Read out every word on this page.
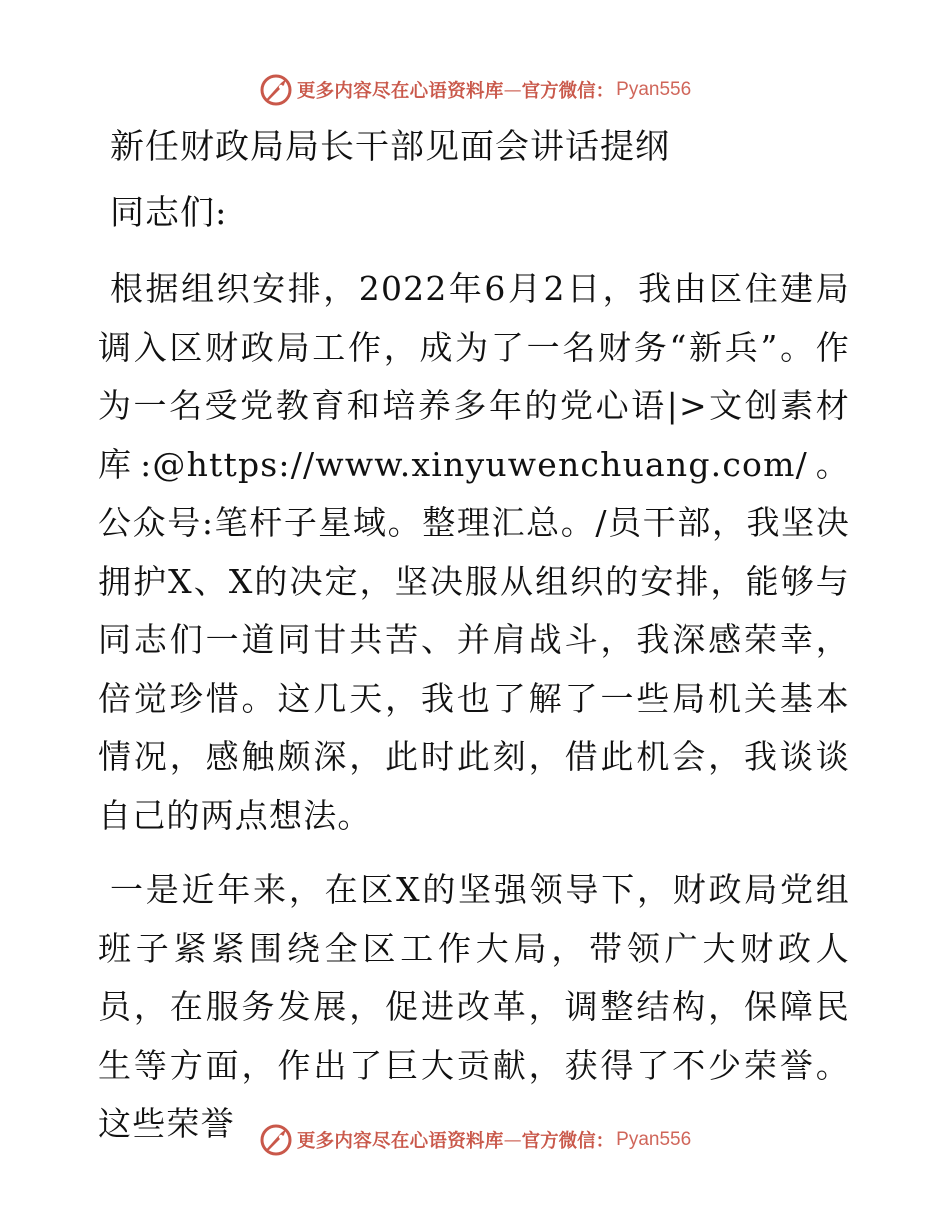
更多内容尽在心语资料库 — 官方微信： Pyan556
新任财政局局长干部见面会讲话提纲

同志们:

根据组织安排，2022年6月2日，我由区住建局调入区财政局工作，成为了一名财务“新兵”。作为一名受党教育和培养多年的党心语|>文创素材库:@https://www.xinyuwenchuang.com/。公众号:笔杆子星域。整理汇总。/员干部，我坚决拥护X、X的决定，坚决服从组织的安排，能够与同志们一道同甘共苦、并肩战斗，我深感荣幸，倍觉珍惜。这几天，我也了解了一些局机关基本情况，感触颇深，此时此刻，借此机会，我谈谈自己的两点想法。

一是近年来，在区X的坚强领导下，财政局党组班子紧紧围绕全区工作大局，带领广大财政人员，在服务发展，促进改革，调整结构，保障民生等方面，作出了巨大贡献，获得了不少荣誉。这些荣誉	更多内容尽在心语资料库 — 官方微信： Pyan556
